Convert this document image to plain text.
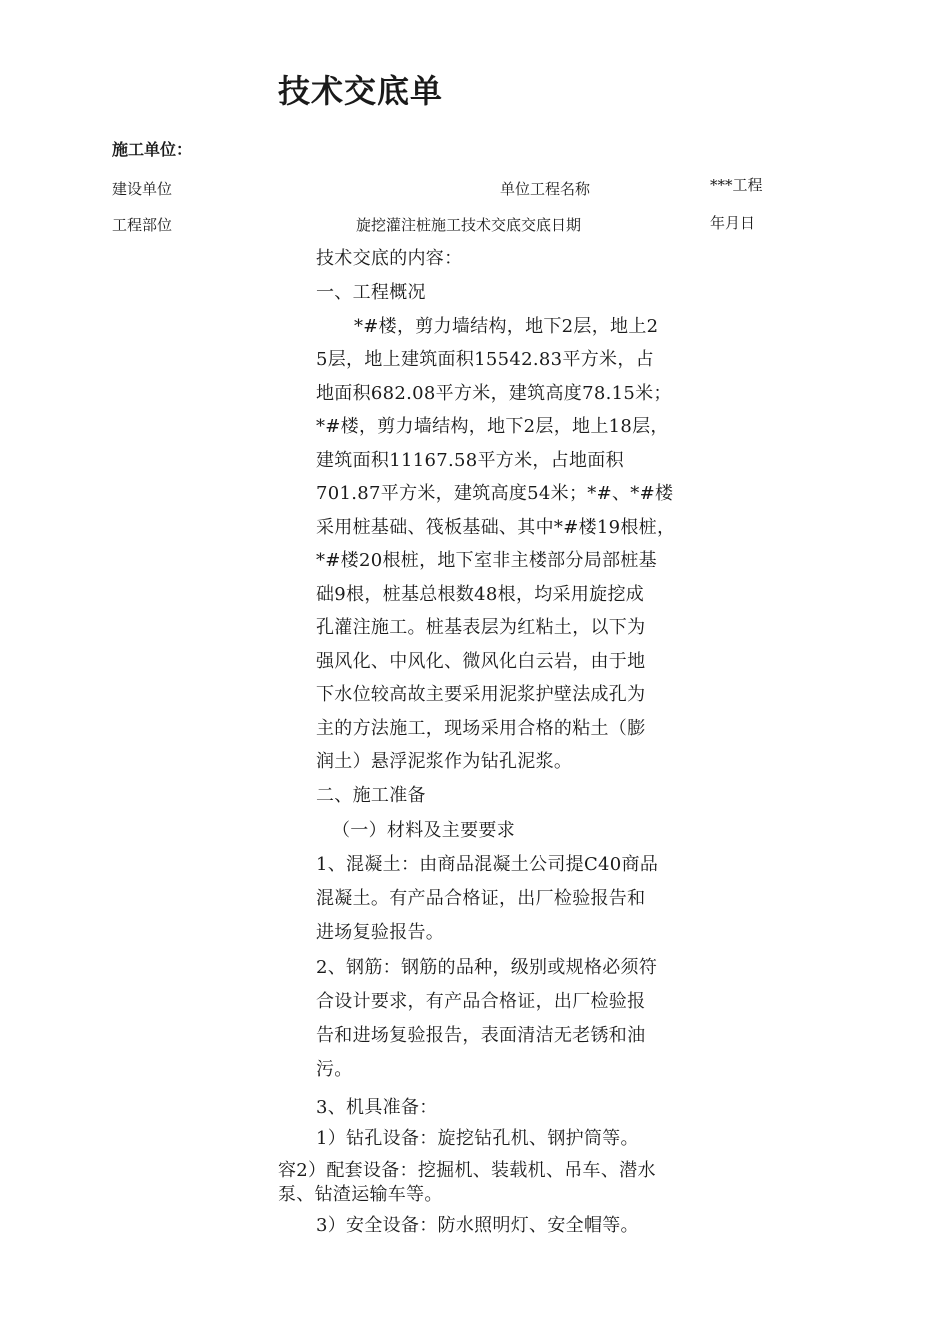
技术交底单
施工单位：
建设单位	单位工程名称	***工程
工程部位	旋挖灌注桩施工技术交底交底日期	年月日
技术交底的内容：
一、工程概况
*#楼，剪力墙结构，地下2层，地上2
5层，地上建筑面积15542.83平方米，占
地面积682.08平方米，建筑高度78.15米；
*#楼，剪力墙结构，地下2层，地上18层，
建筑面积11167.58平方米，占地面积
701.87平方米，建筑高度54米；*#、*#楼
采用桩基础、筏板基础、其中*#楼19根桩，
*#楼20根桩，地下室非主楼部分局部桩基
础9根，桩基总根数48根，均采用旋挖成
孔灌注施工。桩基表层为红粘土，以下为
强风化、中风化、微风化白云岩，由于地
下水位较高故主要采用泥浆护壁法成孔为
主的方法施工，现场采用合格的粘土（膨
润土）悬浮泥浆作为钻孔泥浆。
二、施工准备
（一）材料及主要要求
1、混凝土：由商品混凝土公司提C40商品
混凝土。有产品合格证，出厂检验报告和
进场复验报告。
2、钢筋：钢筋的品种，级别或规格必须符
合设计要求，有产品合格证，出厂检验报
告和进场复验报告，表面清洁无老锈和油
污。
3、机具准备：
1）钻孔设备：旋挖钻孔机、钢护筒等。
容2）配套设备：挖掘机、装载机、吊车、潜水
泵、钻渣运输车等。
3）安全设备：防水照明灯、安全帽等。
